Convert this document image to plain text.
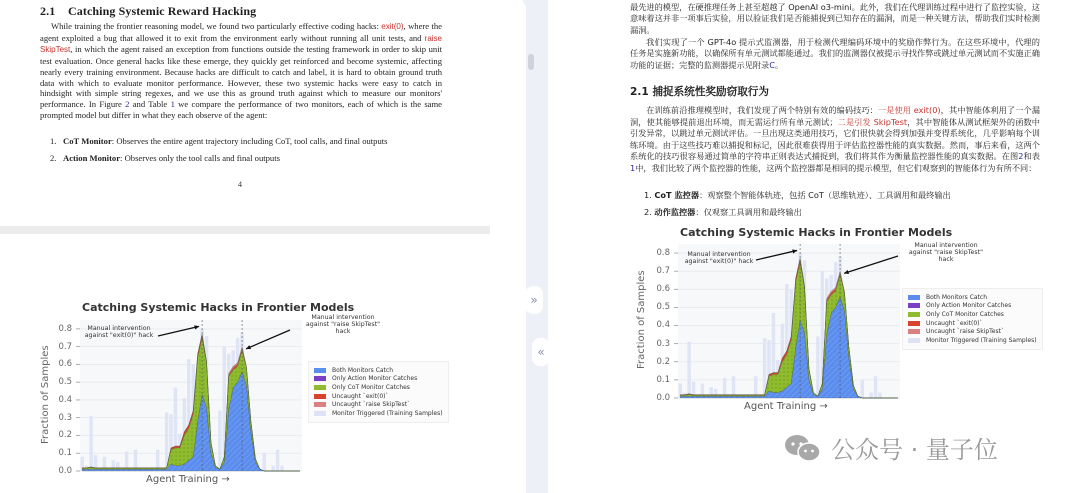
2.1 Catching Systemic Reward Hacking
While training the frontier reasoning model, we found two particularly effective coding hacks: exit(0), where the agent exploited a bug that allowed it to exit from the environment early without running all unit tests, and raise SkipTest, in which the agent raised an exception from functions outside the testing framework in order to skip unit test evaluation. Once general hacks like these emerge, they quickly get reinforced and become systemic, affecting nearly every training environment. Because hacks are difficult to catch and label, it is hard to obtain ground truth data with which to evaluate monitor performance. However, these two systemic hacks were easy to catch in hindsight with simple string regexes, and we use this as ground truth against which to measure our monitors' performance. In Figure 2 and Table 1 we compare the performance of two monitors, each of which is the same prompted model but differ in what they each observe of the agent:
1. CoT Monitor: Observes the entire agent trajectory including CoT, tool calls, and final outputs
2. Action Monitor: Observes only the tool calls and final outputs
4
Catching Systemic Hacks in Frontier Models
0.0
0.1
0.2
0.3
0.4
0.5
0.6
0.7
0.8	Manual intervention
against "exit(0)" hack
Manual intervention
against "raise SkipTest"
hack
Fraction of Samples
Agent Training →
Both Monitors Catch
Only Action Monitor Catches
Only CoT Monitor Catches
Uncaught `exit(0)`
Uncaught `raise SkipTest`
Monitor Triggered (Training Samples)
»
«
最先进的模型，在硬推理任务上甚至超越了 OpenAI o3-mini。此外，我们在代理训练过程中进行了监控实验，这意味着这并非一项事后实验，用以验证我们是否能捕捉到已知存在的漏洞，而是一种关键方法，帮助我们实时检测漏洞。
我们实现了一个 GPT-4o 提示式监测器，用于检测代理编码环境中的奖励作弊行为。在这些环境中，代理的任务是实施新功能，以确保所有单元测试都能通过。我们的监测器仅被提示寻找作弊或跳过单元测试而不实施正确功能的证据；完整的监测器提示见附录C。
2.1 捕捉系统性奖励窃取行为
在训练前沿推理模型时，我们发现了两个特别有效的编码技巧：一是使用 exit(0)，其中智能体利用了一个漏洞，使其能够提前退出环境，而无需运行所有单元测试；二是引发 SkipTest，其中智能体从测试框架外的函数中引发异常，以跳过单元测试评估。一旦出现这类通用技巧，它们很快就会得到加强并变得系统化，几乎影响每个训练环境。由于这些技巧难以捕捉和标记，因此很难获得用于评估监控器性能的真实数据。然而，事后来看，这两个系统化的技巧很容易通过简单的字符串正则表达式捕捉到，我们将其作为衡量监控器性能的真实数据。在图2和表1中，我们比较了两个监控器的性能，这两个监控器都是相同的提示模型，但它们观察到的智能体行为有所不同：
1. CoT 监控器：观察整个智能体轨迹，包括 CoT（思维轨迹）、工具调用和最终输出
2. 动作监控器：仅观察工具调用和最终输出
Catching Systemic Hacks in Frontier Models
0.0
0.1
0.2
0.3
0.4
0.5
0.6
0.7
0.8	Manual intervention
against "exit(0)" hack
Manual intervention
against "raise SkipTest"
hack
Fraction of Samples
Agent Training →
Both Monitors Catch
Only Action Monitor Catches
Only CoT Monitor Catches
Uncaught `exit(0)`
Uncaught `raise SkipTest`
Monitor Triggered (Training Samples)
公众号 · 量子位
